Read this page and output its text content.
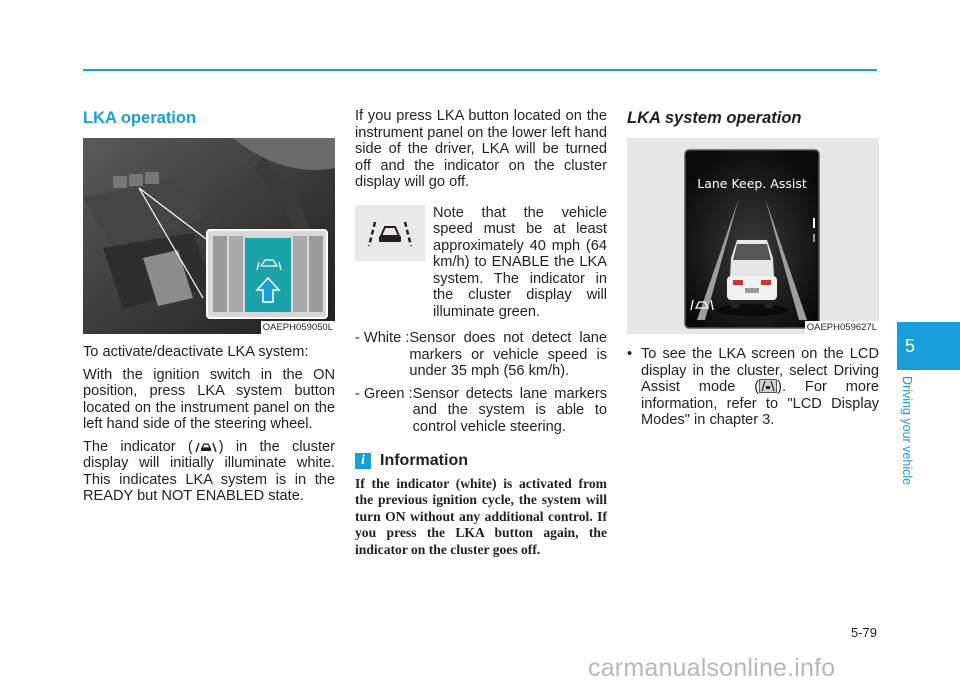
LKA operation
OAEPH059050L

To activate/deactivate LKA system:

With the ignition switch in the ON position, press LKA system button located on the instrument panel on the left hand side of the steering wheel.

The indicator ( ) in the cluster display will initially illuminate white. This indicates LKA system is in the READY but NOT ENABLED state.

If you press LKA button located on the instrument panel on the lower left hand side of the driver, LKA will be turned off and the indicator on the cluster display will go off.

Note that the vehicle speed must be at least approximately 40 mph (64 km/h) to ENABLE the LKA system. The indicator in the cluster display will illuminate green.

- White : Sensor does not detect lane markers or vehicle speed is under 35 mph (56 km/h).
- Green : Sensor detects lane markers and the system is able to control vehicle steering.
i Information
If the indicator (white) is activated from the previous ignition cycle, the system will turn ON without any additional control. If you press the LKA button again, the indicator on the cluster goes off.
LKA system operation
Lane Keep. Assist
OAEPH059627L
• To see the LKA screen on the LCD display in the cluster, select Driving Assist mode ( ). For more information, refer to "LCD Display Modes" in chapter 3.

5
Driving your vehicle
5-79
carmanualsonline.info
